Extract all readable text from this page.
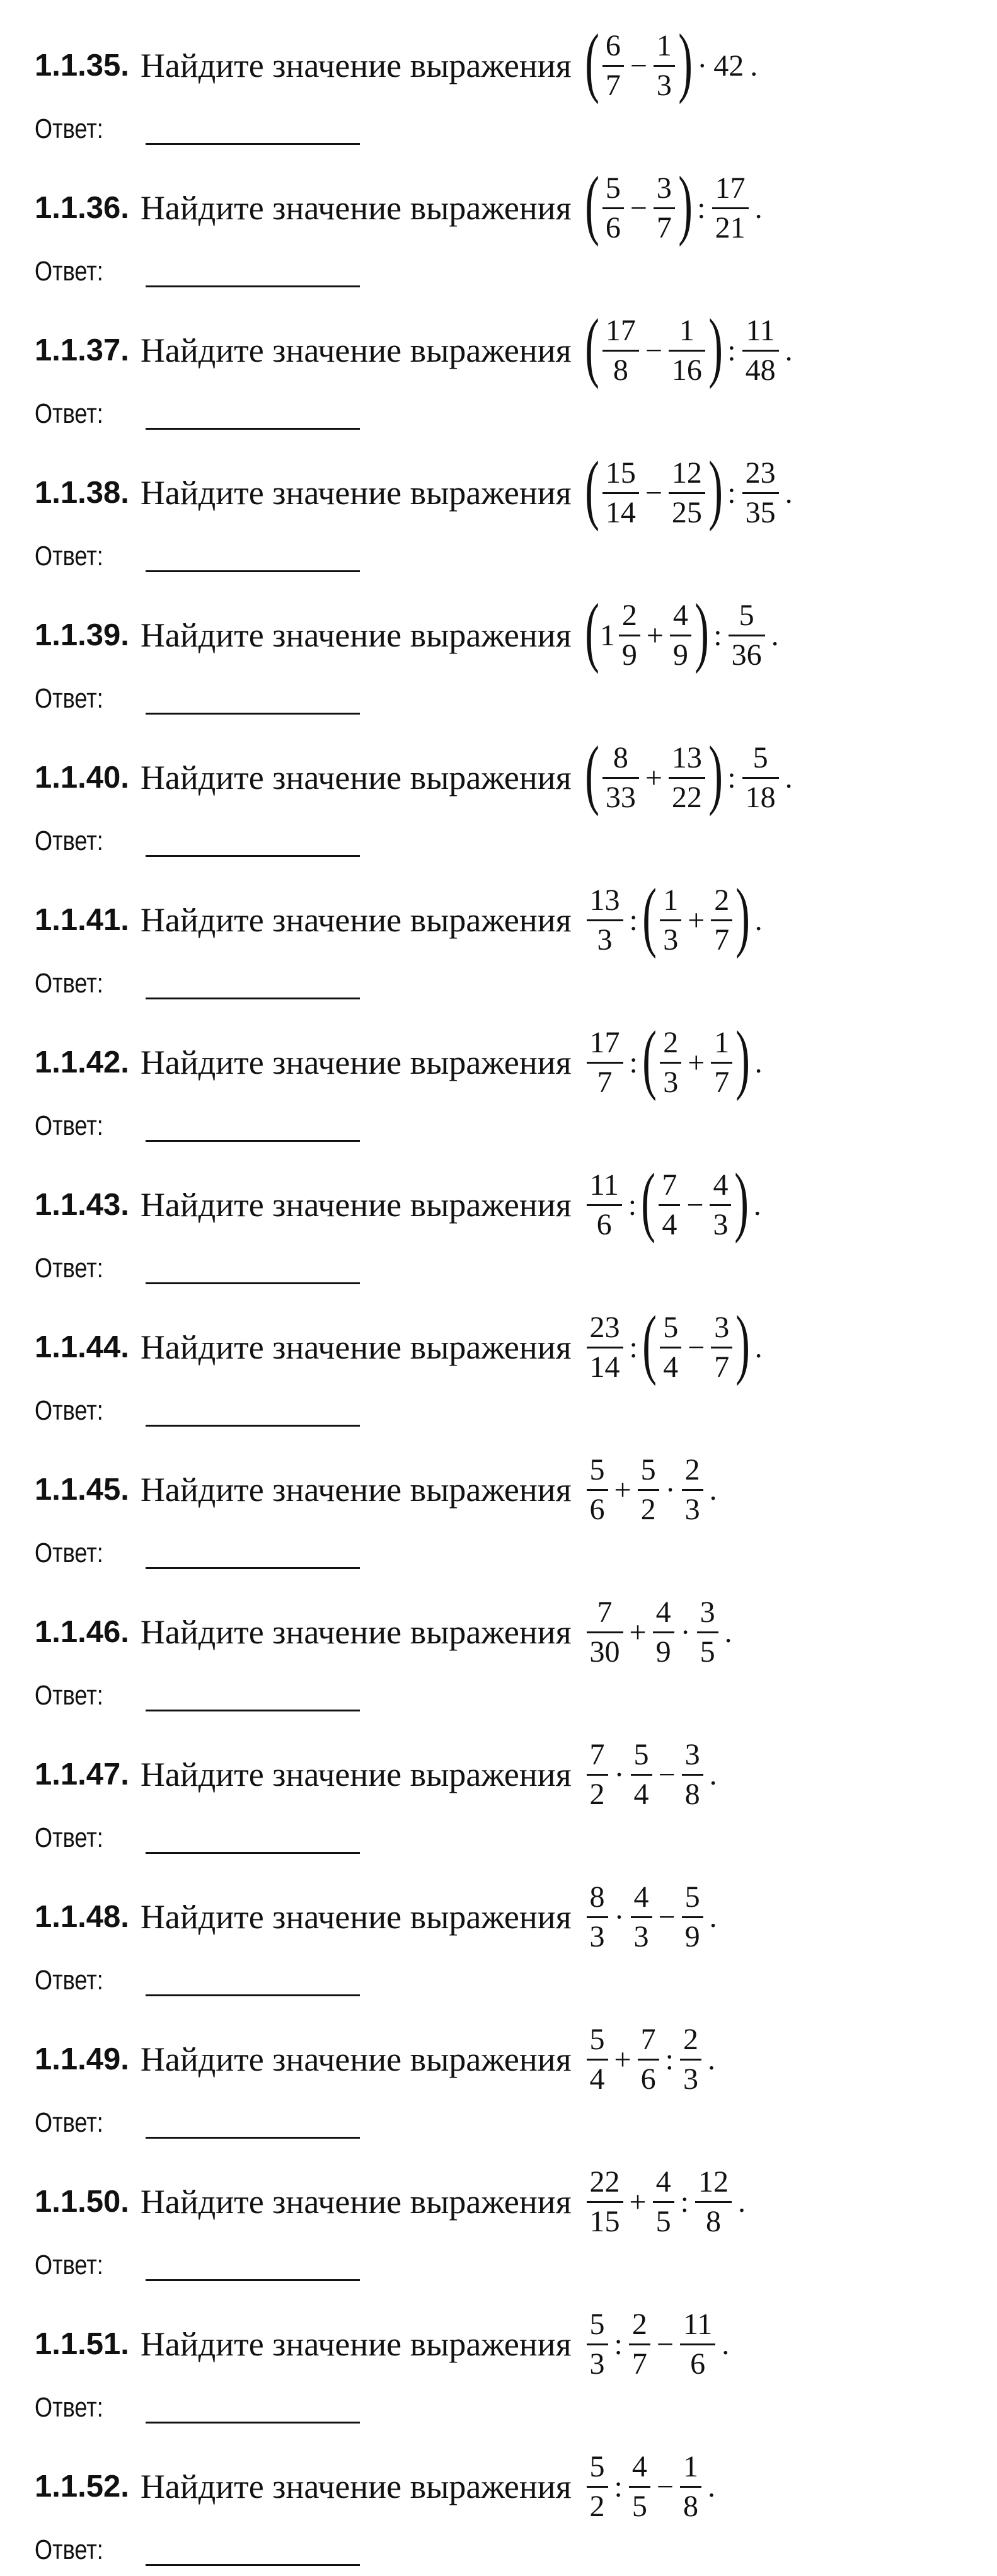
1.1.35. Найдите значение выражения ( $\frac{6}{7} - \frac{1}{3}$ ) · 42 .
Ответ:
1.1.36. Найдите значение выражения ( $\frac{5}{6} - \frac{3}{7}$ ) : $\frac{17}{21}$ .
Ответ:
1.1.37. Найдите значение выражения ( $\frac{17}{8} - \frac{1}{16}$ ) : $\frac{11}{48}$ .
Ответ:
1.1.38. Найдите значение выражения ( $\frac{15}{14} - \frac{12}{25}$ ) : $\frac{23}{35}$ .
Ответ:
1.1.39. Найдите значение выражения ( $1 \frac{2}{9} + \frac{4}{9}$ ) : $\frac{5}{36}$ .
Ответ:
1.1.40. Найдите значение выражения ( $\frac{8}{33} + \frac{13}{22}$ ) : $\frac{5}{18}$ .
Ответ:
1.1.41. Найдите значение выражения $\frac{13}{3}$ : ( $\frac{1}{3} + \frac{2}{7}$ ) .
Ответ:
1.1.42. Найдите значение выражения $\frac{17}{7}$ : ( $\frac{2}{3} + \frac{1}{7}$ ) .
Ответ:
1.1.43. Найдите значение выражения $\frac{11}{6}$ : ( $\frac{7}{4} - \frac{4}{3}$ ) .
Ответ:
1.1.44. Найдите значение выражения $\frac{23}{14}$ : ( $\frac{5}{4} - \frac{3}{7}$ ) .
Ответ:
1.1.45. Найдите значение выражения $\frac{5}{6} + \frac{5}{2} \cdot \frac{2}{3}$ .
Ответ:
1.1.46. Найдите значение выражения $\frac{7}{30} + \frac{4}{9} \cdot \frac{3}{5}$ .
Ответ:
1.1.47. Найдите значение выражения $\frac{7}{2} \cdot \frac{5}{4} - \frac{3}{8}$ .
Ответ:
1.1.48. Найдите значение выражения $\frac{8}{3} \cdot \frac{4}{3} - \frac{5}{9}$ .
Ответ:
1.1.49. Найдите значение выражения $\frac{5}{4} + \frac{7}{6}$ : $\frac{2}{3}$ .
Ответ:
1.1.50. Найдите значение выражения $\frac{22}{15} + \frac{4}{5}$ : $\frac{12}{8}$ .
Ответ:
1.1.51. Найдите значение выражения $\frac{5}{3}$ : $\frac{2}{7} - \frac{11}{6}$ .
Ответ:
1.1.52. Найдите значение выражения $\frac{5}{2}$ : $\frac{4}{5} - \frac{1}{8}$ .
Ответ:
